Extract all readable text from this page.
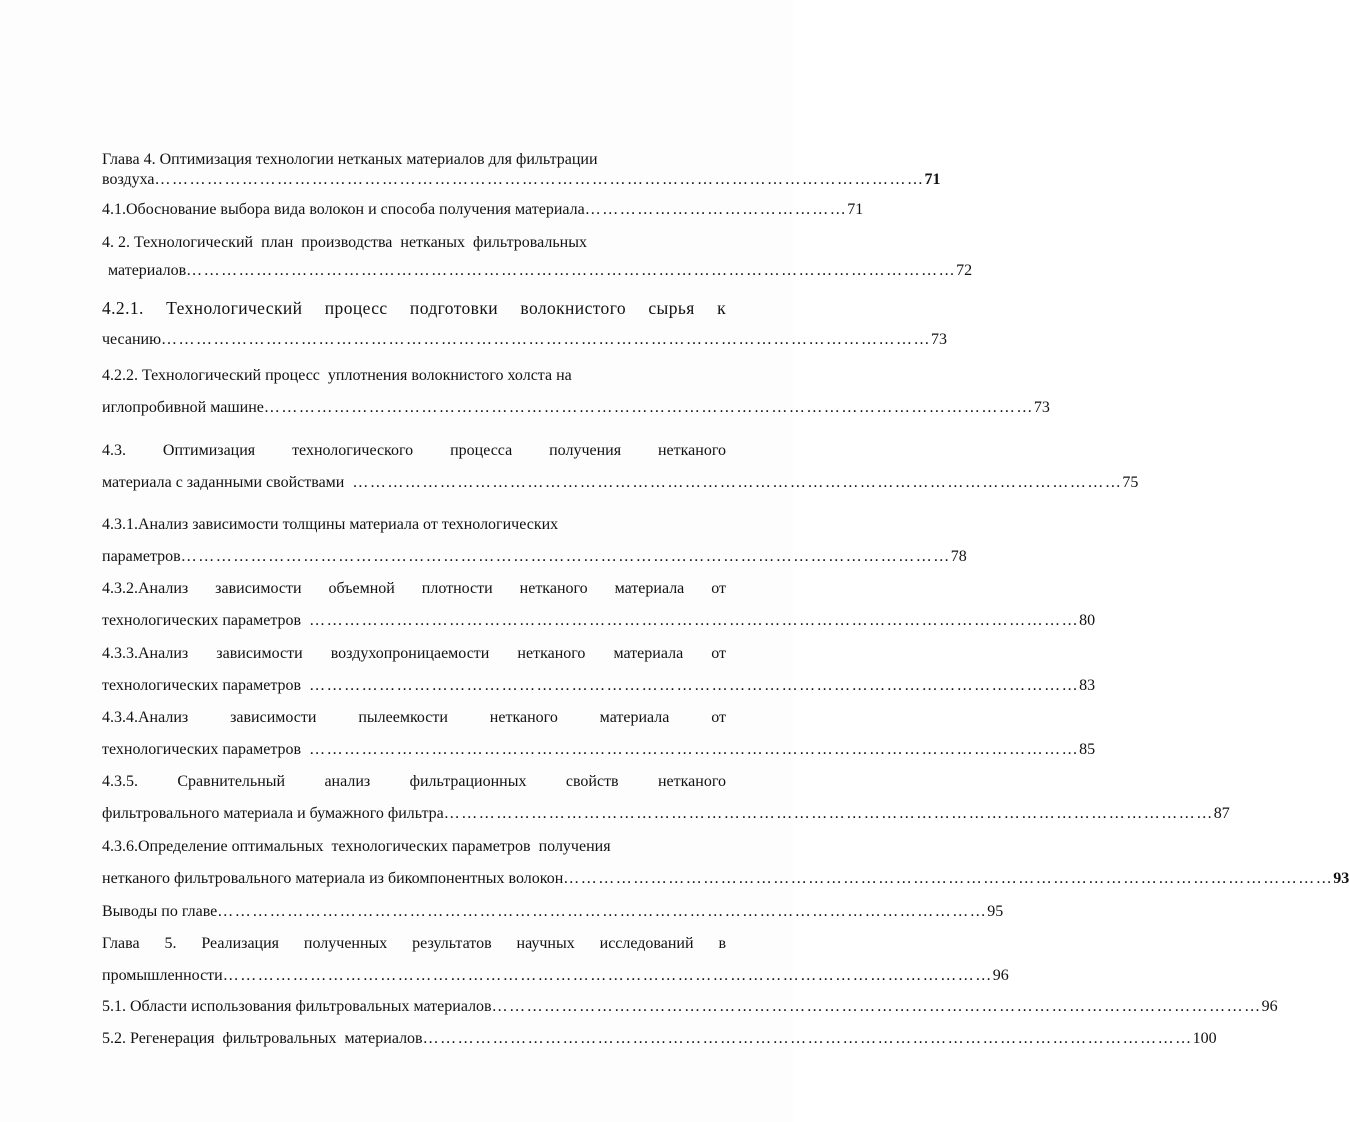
Глава 4. Оптимизация технологии нетканых материалов для фильтрации
воздуха …………………………………………………………………………………………………………………… 71
4.1.Обоснование выбора вида волокон и способа получения материала ……………………………………… 71
4. 2. Технологический  план  производства  нетканых  фильтровальных
материалов …………………………………………………………………………………………………………………… 72
4.2.1. Технологический процесс подготовки волокнистого сырья к
чесанию …………………………………………………………………………………………………………………… 73
4.2.2. Технологический процесс  уплотнения волокнистого холста на
иглопробивной машине …………………………………………………………………………………………………………………… 73
4.3. Оптимизация технологического процесса получения нетканого
материала с заданными свойствами …………………………………………………………………………………………………………………… 75
4.3.1.Анализ зависимости толщины материала от технологических
параметров …………………………………………………………………………………………………………………… 78
4.3.2.Анализ зависимости объемной плотности нетканого материала от
технологических параметров …………………………………………………………………………………………………………………… 80
4.3.3.Анализ зависимости воздухопроницаемости нетканого материала от
технологических параметров …………………………………………………………………………………………………………………… 83
4.3.4.Анализ зависимости пылеемкости нетканого материала от
технологических параметров …………………………………………………………………………………………………………………… 85
4.3.5. Сравнительный анализ фильтрационных свойств нетканого
фильтровального материала и бумажного фильтра …………………………………………………………………………………………………………………… 87
4.3.6.Определение оптимальных  технологических параметров  получения
нетканого фильтровального материала из бикомпонентных волокон …………………………………………………………………………………………………………………… 93
Выводы по главе …………………………………………………………………………………………………………………… 95
Глава 5. Реализация полученных результатов научных исследований в
промышленности …………………………………………………………………………………………………………………… 96
5.1. Области использования фильтровальных материалов …………………………………………………………………………………………………………………… 96
5.2. Регенерация  фильтровальных  материалов …………………………………………………………………………………………………………………… 100
